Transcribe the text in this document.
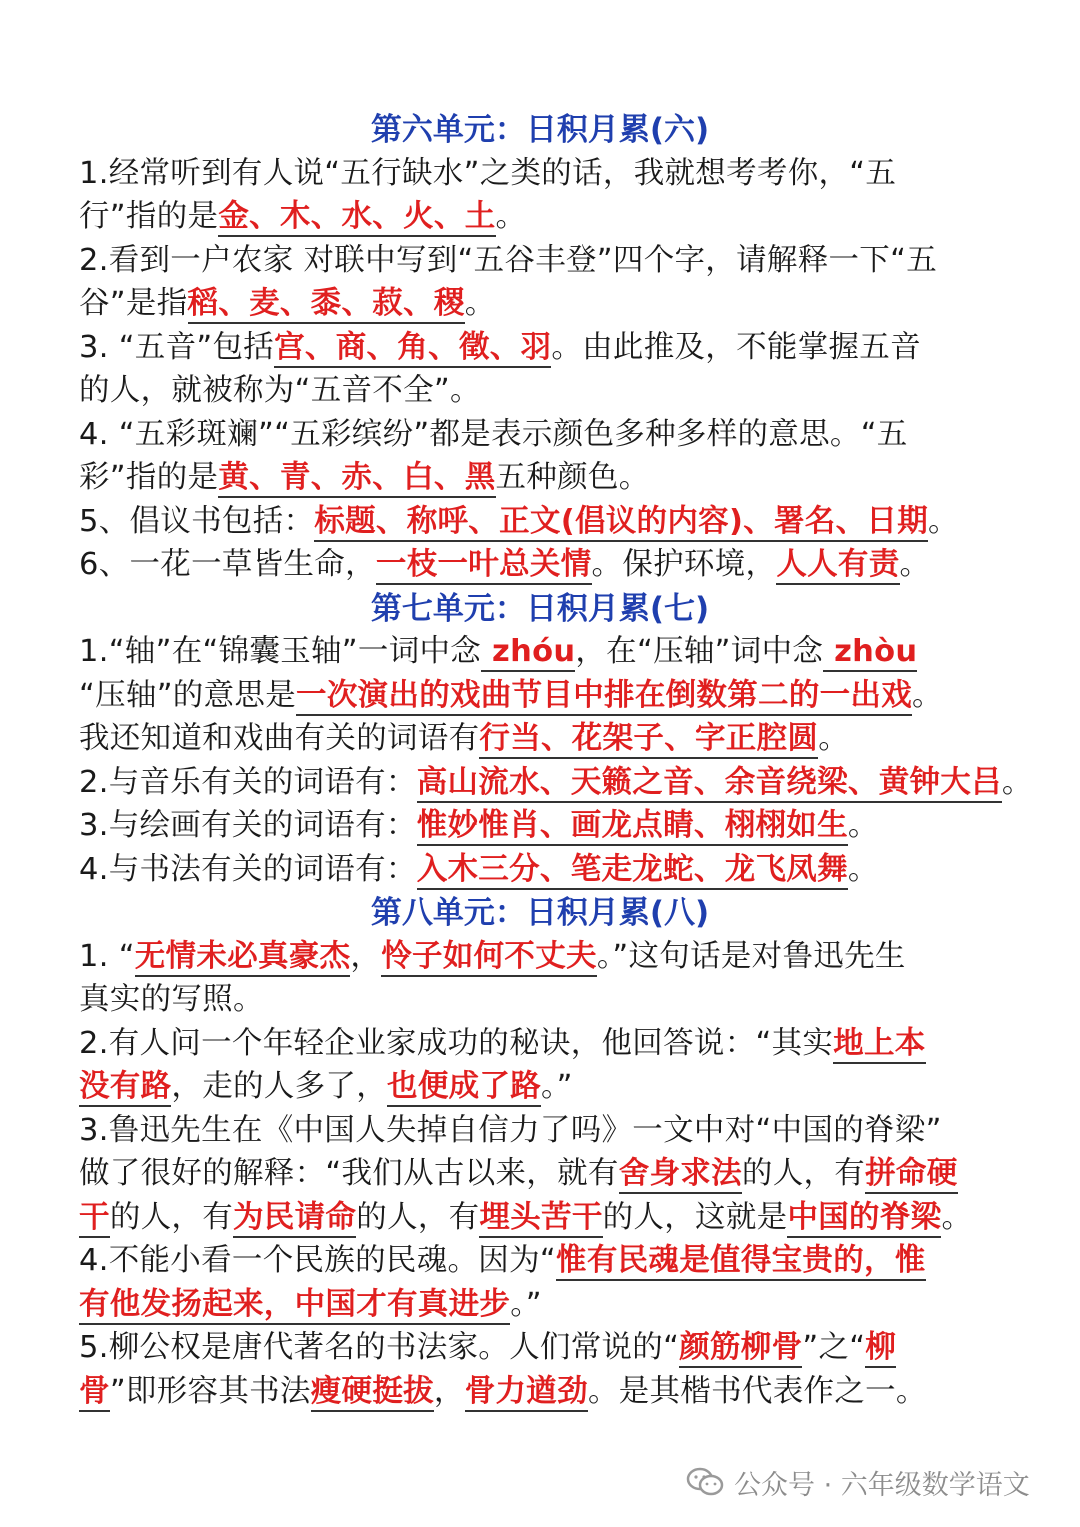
第六单元：日积月累(六)
1.经常听到有人说“五行缺水”之类的话，我就想考考你，“五
行”指的是金、木、水、火、土。
2.看到一户农家 对联中写到“五谷丰登”四个字，请解释一下“五
谷”是指稻、麦、黍、菽、稷。
3. “五音”包括宫、商、角、徵、羽。由此推及，不能掌握五音
的人，就被称为“五音不全”。
4. “五彩斑斓”“五彩缤纷”都是表示颜色多种多样的意思。“五
彩”指的是黄、青、赤、白、黑五种颜色。
5、倡议书包括：标题、称呼、正文(倡议的内容)、署名、日期。
6、一花一草皆生命，一枝一叶总关情。保护环境，人人有责。
第七单元：日积月累(七)
1.“轴”在“锦囊玉轴”一词中念 zhóu，在“压轴”词中念 zhòu
“压轴”的意思是一次演出的戏曲节目中排在倒数第二的一出戏。
我还知道和戏曲有关的词语有行当、花架子、字正腔圆。
2.与音乐有关的词语有：高山流水、天籁之音、余音绕梁、黄钟大吕。
3.与绘画有关的词语有：惟妙惟肖、画龙点睛、栩栩如生。
4.与书法有关的词语有：入木三分、笔走龙蛇、龙飞凤舞。
第八单元：日积月累(八)
1. “无情未必真豪杰，怜子如何不丈夫。”这句话是对鲁迅先生
真实的写照。
2.有人问一个年轻企业家成功的秘诀，他回答说：“其实地上本
没有路，走的人多了，也便成了路。”
3.鲁迅先生在《中国人失掉自信力了吗》一文中对“中国的脊梁”
做了很好的解释：“我们从古以来，就有舍身求法的人，有拼命硬
干的人，有为民请命的人，有埋头苦干的人，这就是中国的脊梁。
4.不能小看一个民族的民魂。因为“惟有民魂是值得宝贵的，惟
有他发扬起来，中国才有真进步。”
5.柳公权是唐代著名的书法家。人们常说的“颜筋柳骨”之“柳
骨”即形容其书法瘦硬挺拔，骨力遒劲。是其楷书代表作之一。
公众号 · 六年级数学语文
